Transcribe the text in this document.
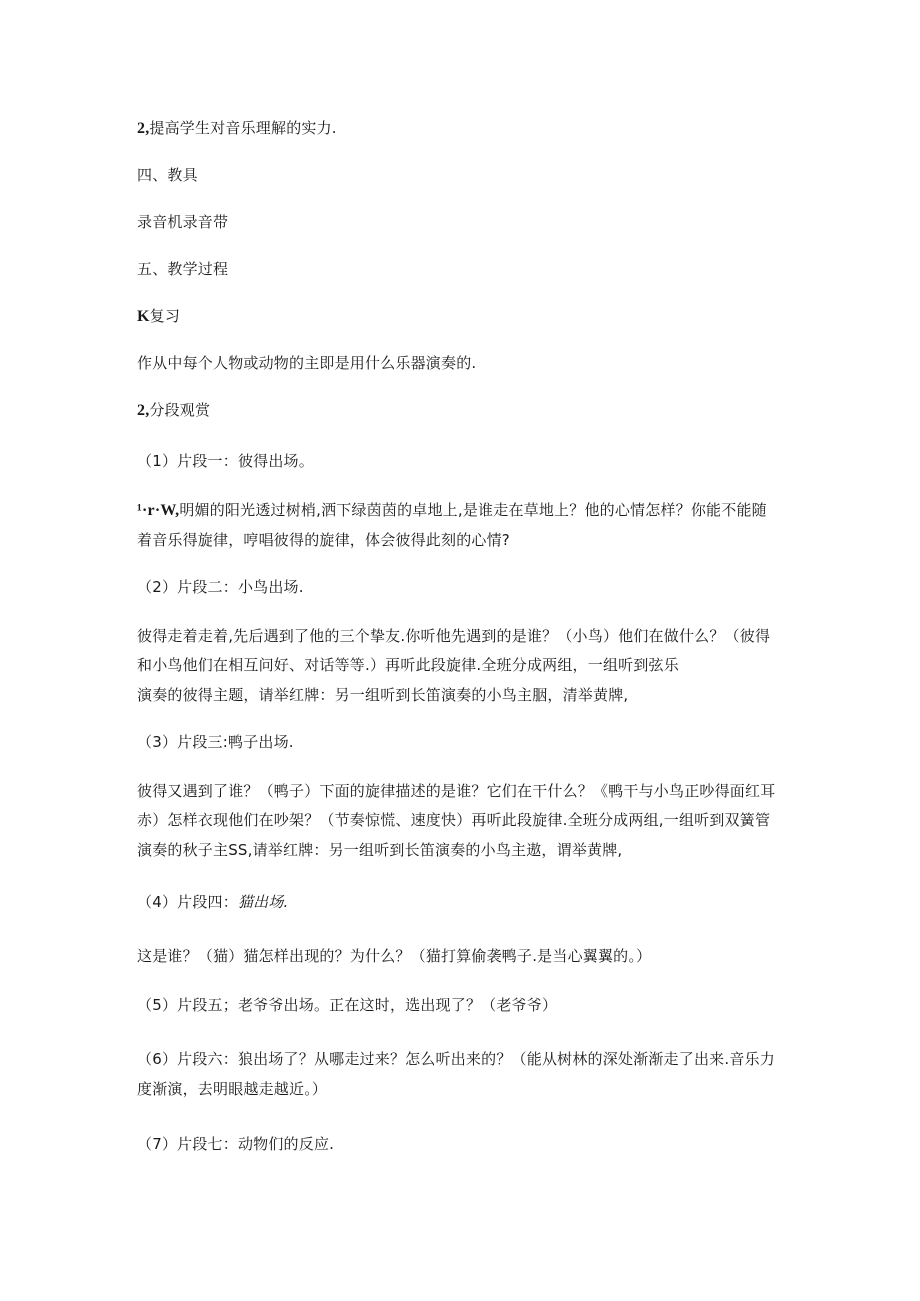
2,提高学生对音乐理解的实力.
四、教具
录音机录音带
五、教学过程
K复习
作从中每个人物或动物的主即是用什么乐器演奏的.
2,分段观赏
（1）片段一：彼得出场。
¹·r·W,明媚的阳光透过树梢,洒下绿茵茵的卓地上,是谁走在草地上？他的心情怎样？你能不能随
着音乐得旋律，哼唱彼得的旋律，体会彼得此刻的心情?
（2）片段二：小鸟出场.
彼得走着走着,先后遇到了他的三个挚友.你听他先遇到的是谁？（小鸟）他们在做什么？（彼得
和小鸟他们在相互问好、对话等等.）再听此段旋律.全班分成两组，一组听到弦乐
演奏的彼得主题，请举红牌：另一组听到长笛演奏的小鸟主胭，清举黄牌,
（3）片段三:鸭子出场.
彼得又遇到了谁？（鸭子）下面的旋律描述的是谁？它们在干什么？《鸭干与小鸟正吵得面红耳
赤）怎样衣现他们在吵架？（节奏惊慌、速度快）再听此段旋律.全班分成两组,一组听到双簧管
演奏的秋子主SS,请举红牌：另一组听到长笛演奏的小鸟主遨，谓举黄牌,
（4）片段四：猫出场.
这是谁？（猫）猫怎样出现的？为什么？（猫打算偷袭鸭子.是当心翼翼的。）
（5）片段五；老爷爷出场。正在这时，选出现了？（老爷爷）
（6）片段六：狼出场了？从哪走过来？怎么听出来的？（能从树林的深处渐渐走了出来.音乐力
度渐演，去明眼越走越近。）
（7）片段七：动物们的反应.
